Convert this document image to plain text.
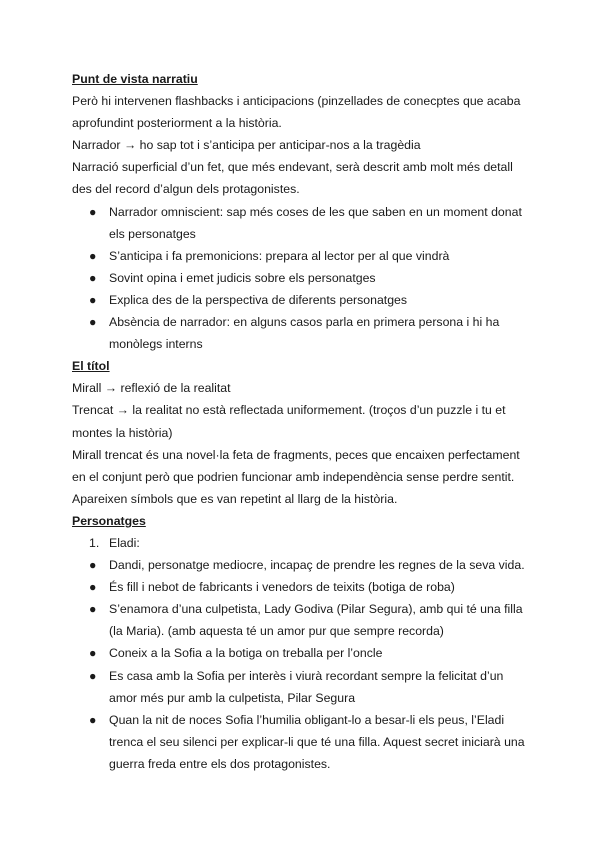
Punt de vista narratiu
Però hi intervenen flashbacks i anticipacions (pinzellades de conecptes que acaba
aprofundint posteriorment a la història.
Narrador → ho sap tot i s’anticipa per anticipar-nos a la tragèdia
Narració superficial d’un fet, que més endevant, serà descrit amb molt més detall
des del record d’algun dels protagonistes.
●	Narrador omniscient: sap més coses de les que saben en un moment donat
els personatges
●	S’anticipa i fa premonicions: prepara al lector per al que vindrà
●	Sovint opina i emet judicis sobre els personatges
●	Explica des de la perspectiva de diferents personatges
●	Absència de narrador: en alguns casos parla en primera persona i hi ha
monòlegs interns
El títol
Mirall → reflexió de la realitat
Trencat → la realitat no està reflectada uniformement. (troços d’un puzzle i tu et
montes la història)
Mirall trencat és una novel·la feta de fragments, peces que encaixen perfectament
en el conjunt però que podrien funcionar amb independència sense perdre sentit.
Apareixen símbols que es van repetint al llarg de la història.
Personatges
1. Eladi:
●	Dandi, personatge mediocre, incapaç de prendre les regnes de la seva vida.
●	És fill i nebot de fabricants i venedors de teixits (botiga de roba)
●	S’enamora d’una culpetista, Lady Godiva (Pilar Segura), amb qui té una filla
(la Maria). (amb aquesta té un amor pur que sempre recorda)
●	Coneix a la Sofia a la botiga on treballa per l’oncle
●	Es casa amb la Sofia per interès i viurà recordant sempre la felicitat d’un
amor més pur amb la culpetista, Pilar Segura
●	Quan la nit de noces Sofia l’humilia obligant-lo a besar-li els peus, l’Eladi
trenca el seu silenci per explicar-li que té una filla. Aquest secret iniciarà una
guerra freda entre els dos protagonistes.
